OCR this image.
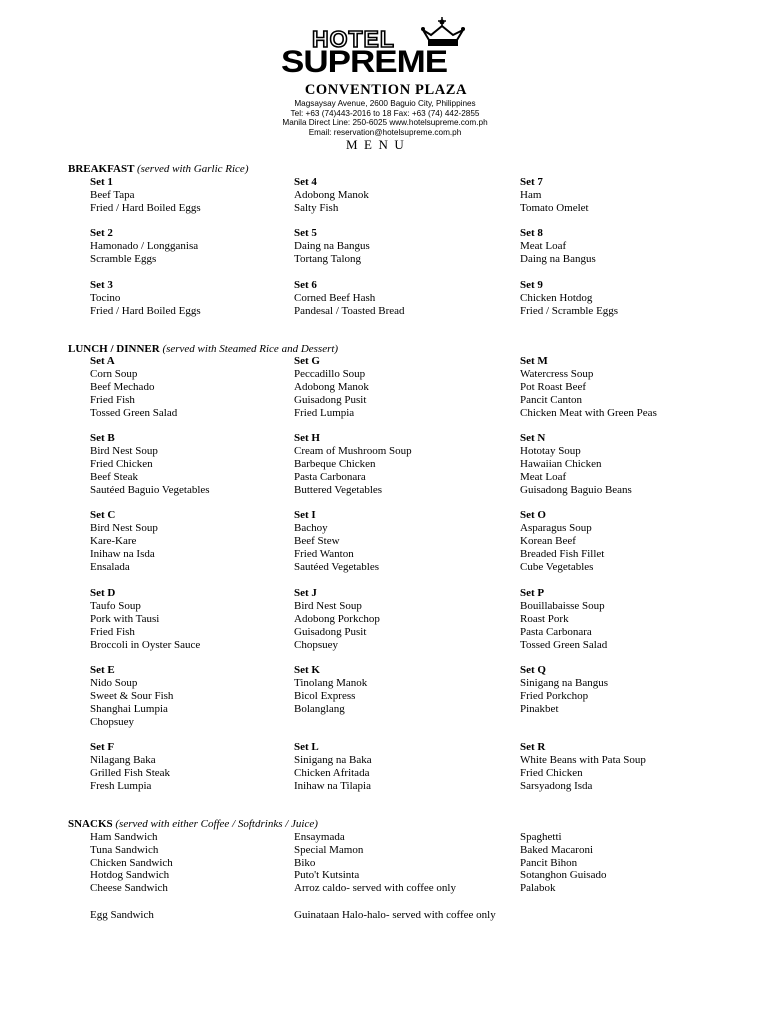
HOTEL
SUPREME
CONVENTION PLAZA
Magsaysay Avenue, 2600 Baguio City, Philippines
Tel: +63 (74)443-2016 to 18 Fax: +63 (74) 442-2855
Manila Direct Line: 250-6025 www.hotelsupreme.com.ph
Email: reservation@hotelsupreme.com.ph
MENU
BREAKFAST (served with Garlic Rice)
Set 1
Beef Tapa
Fried / Hard Boiled Eggs
Set 4
Adobong Manok
Salty Fish
Set 7
Ham
Tomato Omelet
Set 2
Hamonado / Longganisa
Scramble Eggs
Set 5
Daing na Bangus
Tortang Talong
Set 8
Meat Loaf
Daing na Bangus
Set 3
Tocino
Fried / Hard Boiled Eggs
Set 6
Corned Beef Hash
Pandesal / Toasted Bread
Set 9
Chicken Hotdog
Fried / Scramble Eggs
LUNCH / DINNER (served with Steamed Rice and Dessert)
Set A
Corn Soup
Beef Mechado
Fried Fish
Tossed Green Salad
Set G
Peccadillo Soup
Adobong Manok
Guisadong Pusit
Fried Lumpia
Set M
Watercress Soup
Pot Roast Beef
Pancit Canton
Chicken Meat with Green Peas
Set B
Bird Nest Soup
Fried Chicken
Beef Steak
Sautéed Baguio Vegetables
Set H
Cream of Mushroom Soup
Barbeque Chicken
Pasta Carbonara
Buttered Vegetables
Set N
Hototay Soup
Hawaiian Chicken
Meat Loaf
Guisadong Baguio Beans
Set C
Bird Nest Soup
Kare-Kare
Inihaw na Isda
Ensalada
Set I
Bachoy
Beef Stew
Fried Wanton
Sautéed Vegetables
Set O
Asparagus Soup
Korean Beef
Breaded Fish Fillet
Cube Vegetables
Set D
Taufo Soup
Pork with Tausi
Fried Fish
Broccoli in Oyster Sauce
Set J
Bird Nest Soup
Adobong Porkchop
Guisadong Pusit
Chopsuey
Set P
Bouillabaisse Soup
Roast Pork
Pasta Carbonara
Tossed Green Salad
Set E
Nido Soup
Sweet & Sour Fish
Shanghai Lumpia
Chopsuey
Set K
Tinolang Manok
Bicol Express
Bolanglang
Set Q
Sinigang na Bangus
Fried Porkchop
Pinakbet
Set F
Nilagang Baka
Grilled Fish Steak
Fresh Lumpia
Set L
Sinigang na Baka
Chicken Afritada
Inihaw na Tilapia
Set R
White Beans with Pata Soup
Fried Chicken
Sarsyadong Isda
SNACKS (served with either Coffee / Softdrinks / Juice)
Ham Sandwich
Tuna Sandwich
Chicken Sandwich
Hotdog Sandwich
Cheese Sandwich
Ensaymada
Special Mamon
Biko
Puto't Kutsinta
Arroz caldo- served with coffee only
Spaghetti
Baked Macaroni
Pancit Bihon
Sotanghon Guisado
Palabok
Egg Sandwich	Guinataan Halo-halo- served with coffee only
